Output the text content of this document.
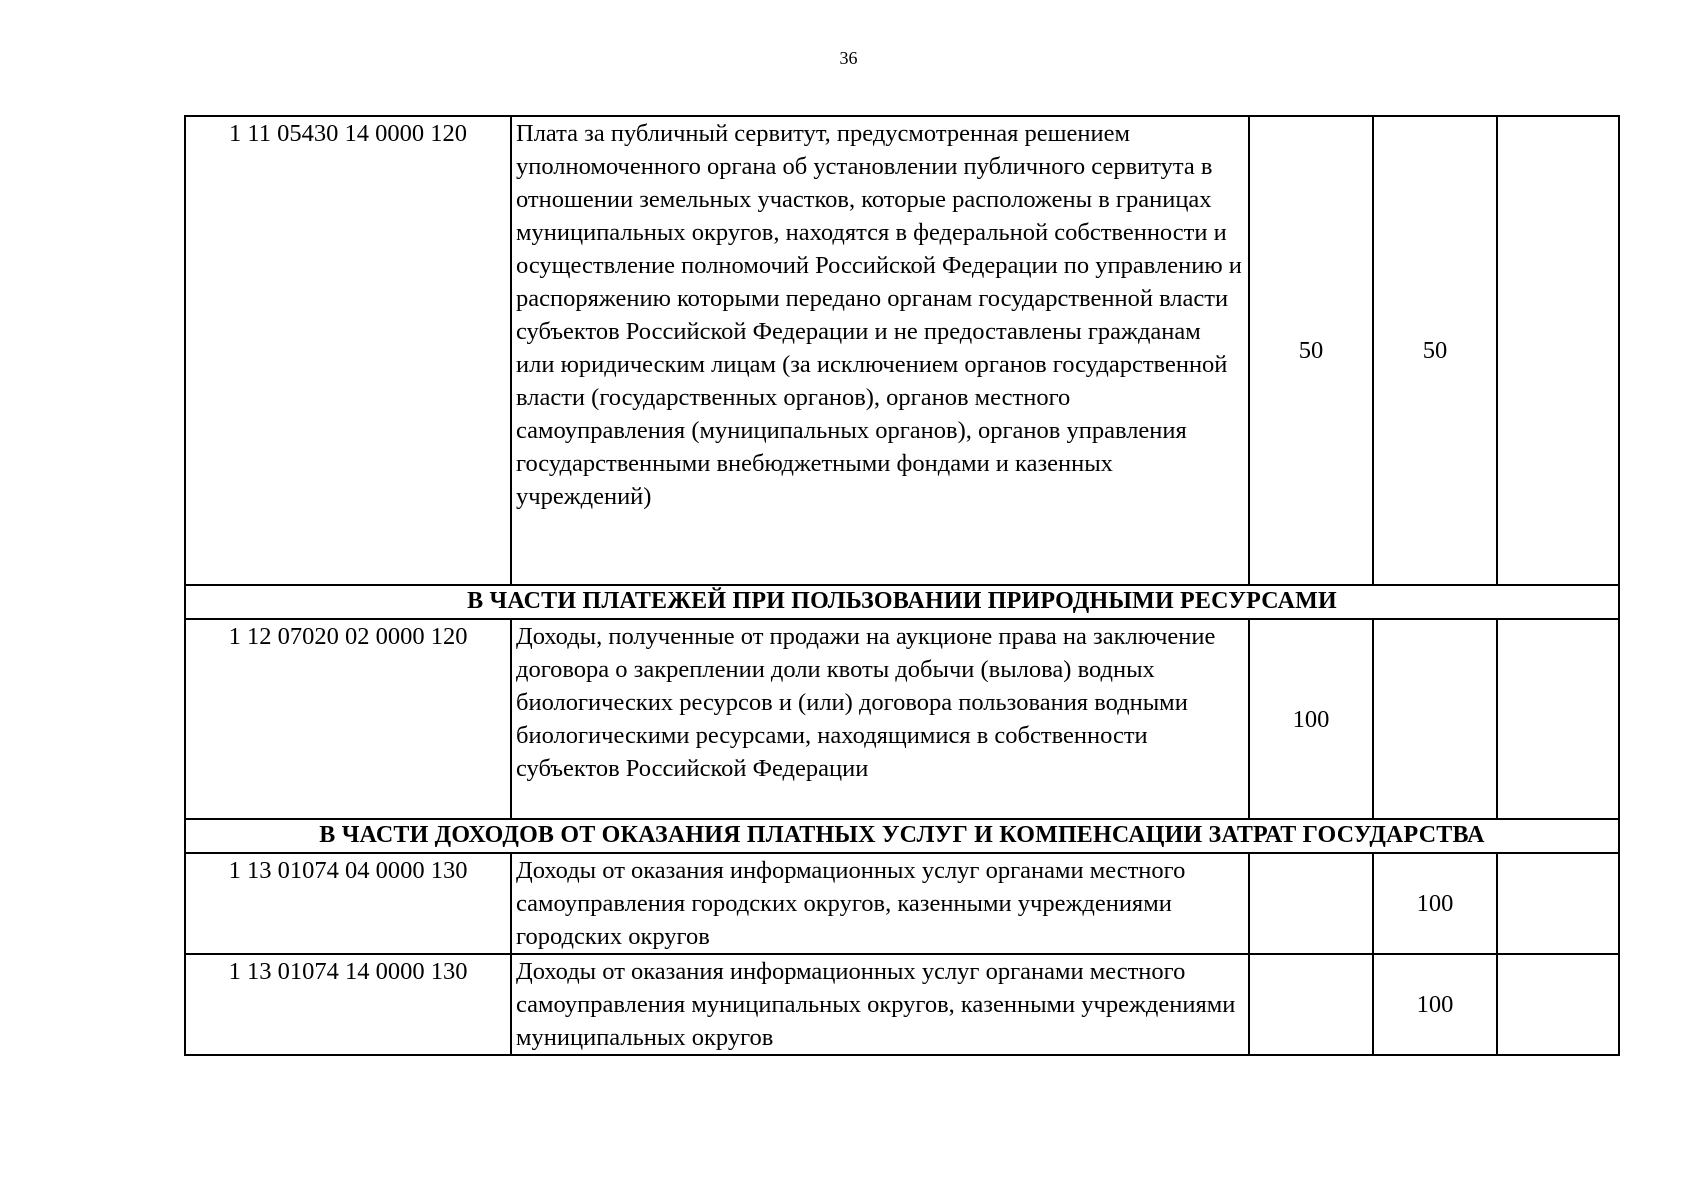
36
1 11 05430 14 0000 120	Плата за публичный сервитут, предусмотренная решением уполномоченного органа об установлении публичного сервитута в отношении земельных участков, которые расположены в границах муниципальных округов, находятся в федеральной собственности и осуществление полномочий Российской Федерации по управлению и распоряжению которыми передано органам государственной власти субъектов Российской Федерации и не предоставлены гражданам или юридическим лицам (за исключением органов государственной власти (государственных органов), органов местного самоуправления (муниципальных органов), органов управления государственными внебюджетными фондами и казенных учреждений)	50	50	
В ЧАСТИ ПЛАТЕЖЕЙ ПРИ ПОЛЬЗОВАНИИ ПРИРОДНЫМИ РЕСУРСАМИ				
1 12 07020 02 0000 120	Доходы, полученные от продажи на аукционе права на заключение договора о закреплении доли квоты добычи (вылова) водных биологических ресурсов и (или) договора пользования водными биологическими ресурсами, находящимися в собственности субъектов Российской Федерации	100		
В ЧАСТИ ДОХОДОВ ОТ ОКАЗАНИЯ ПЛАТНЫХ УСЛУГ И КОМПЕНСАЦИИ ЗАТРАТ ГОСУДАРСТВА				
1 13 01074 04 0000 130	Доходы от оказания информационных услуг органами местного самоуправления городских округов, казенными учреждениями городских округов		100	
1 13 01074 14 0000 130	Доходы от оказания информационных услуг органами местного самоуправления муниципальных округов, казенными учреждениями муниципальных округов		100	
